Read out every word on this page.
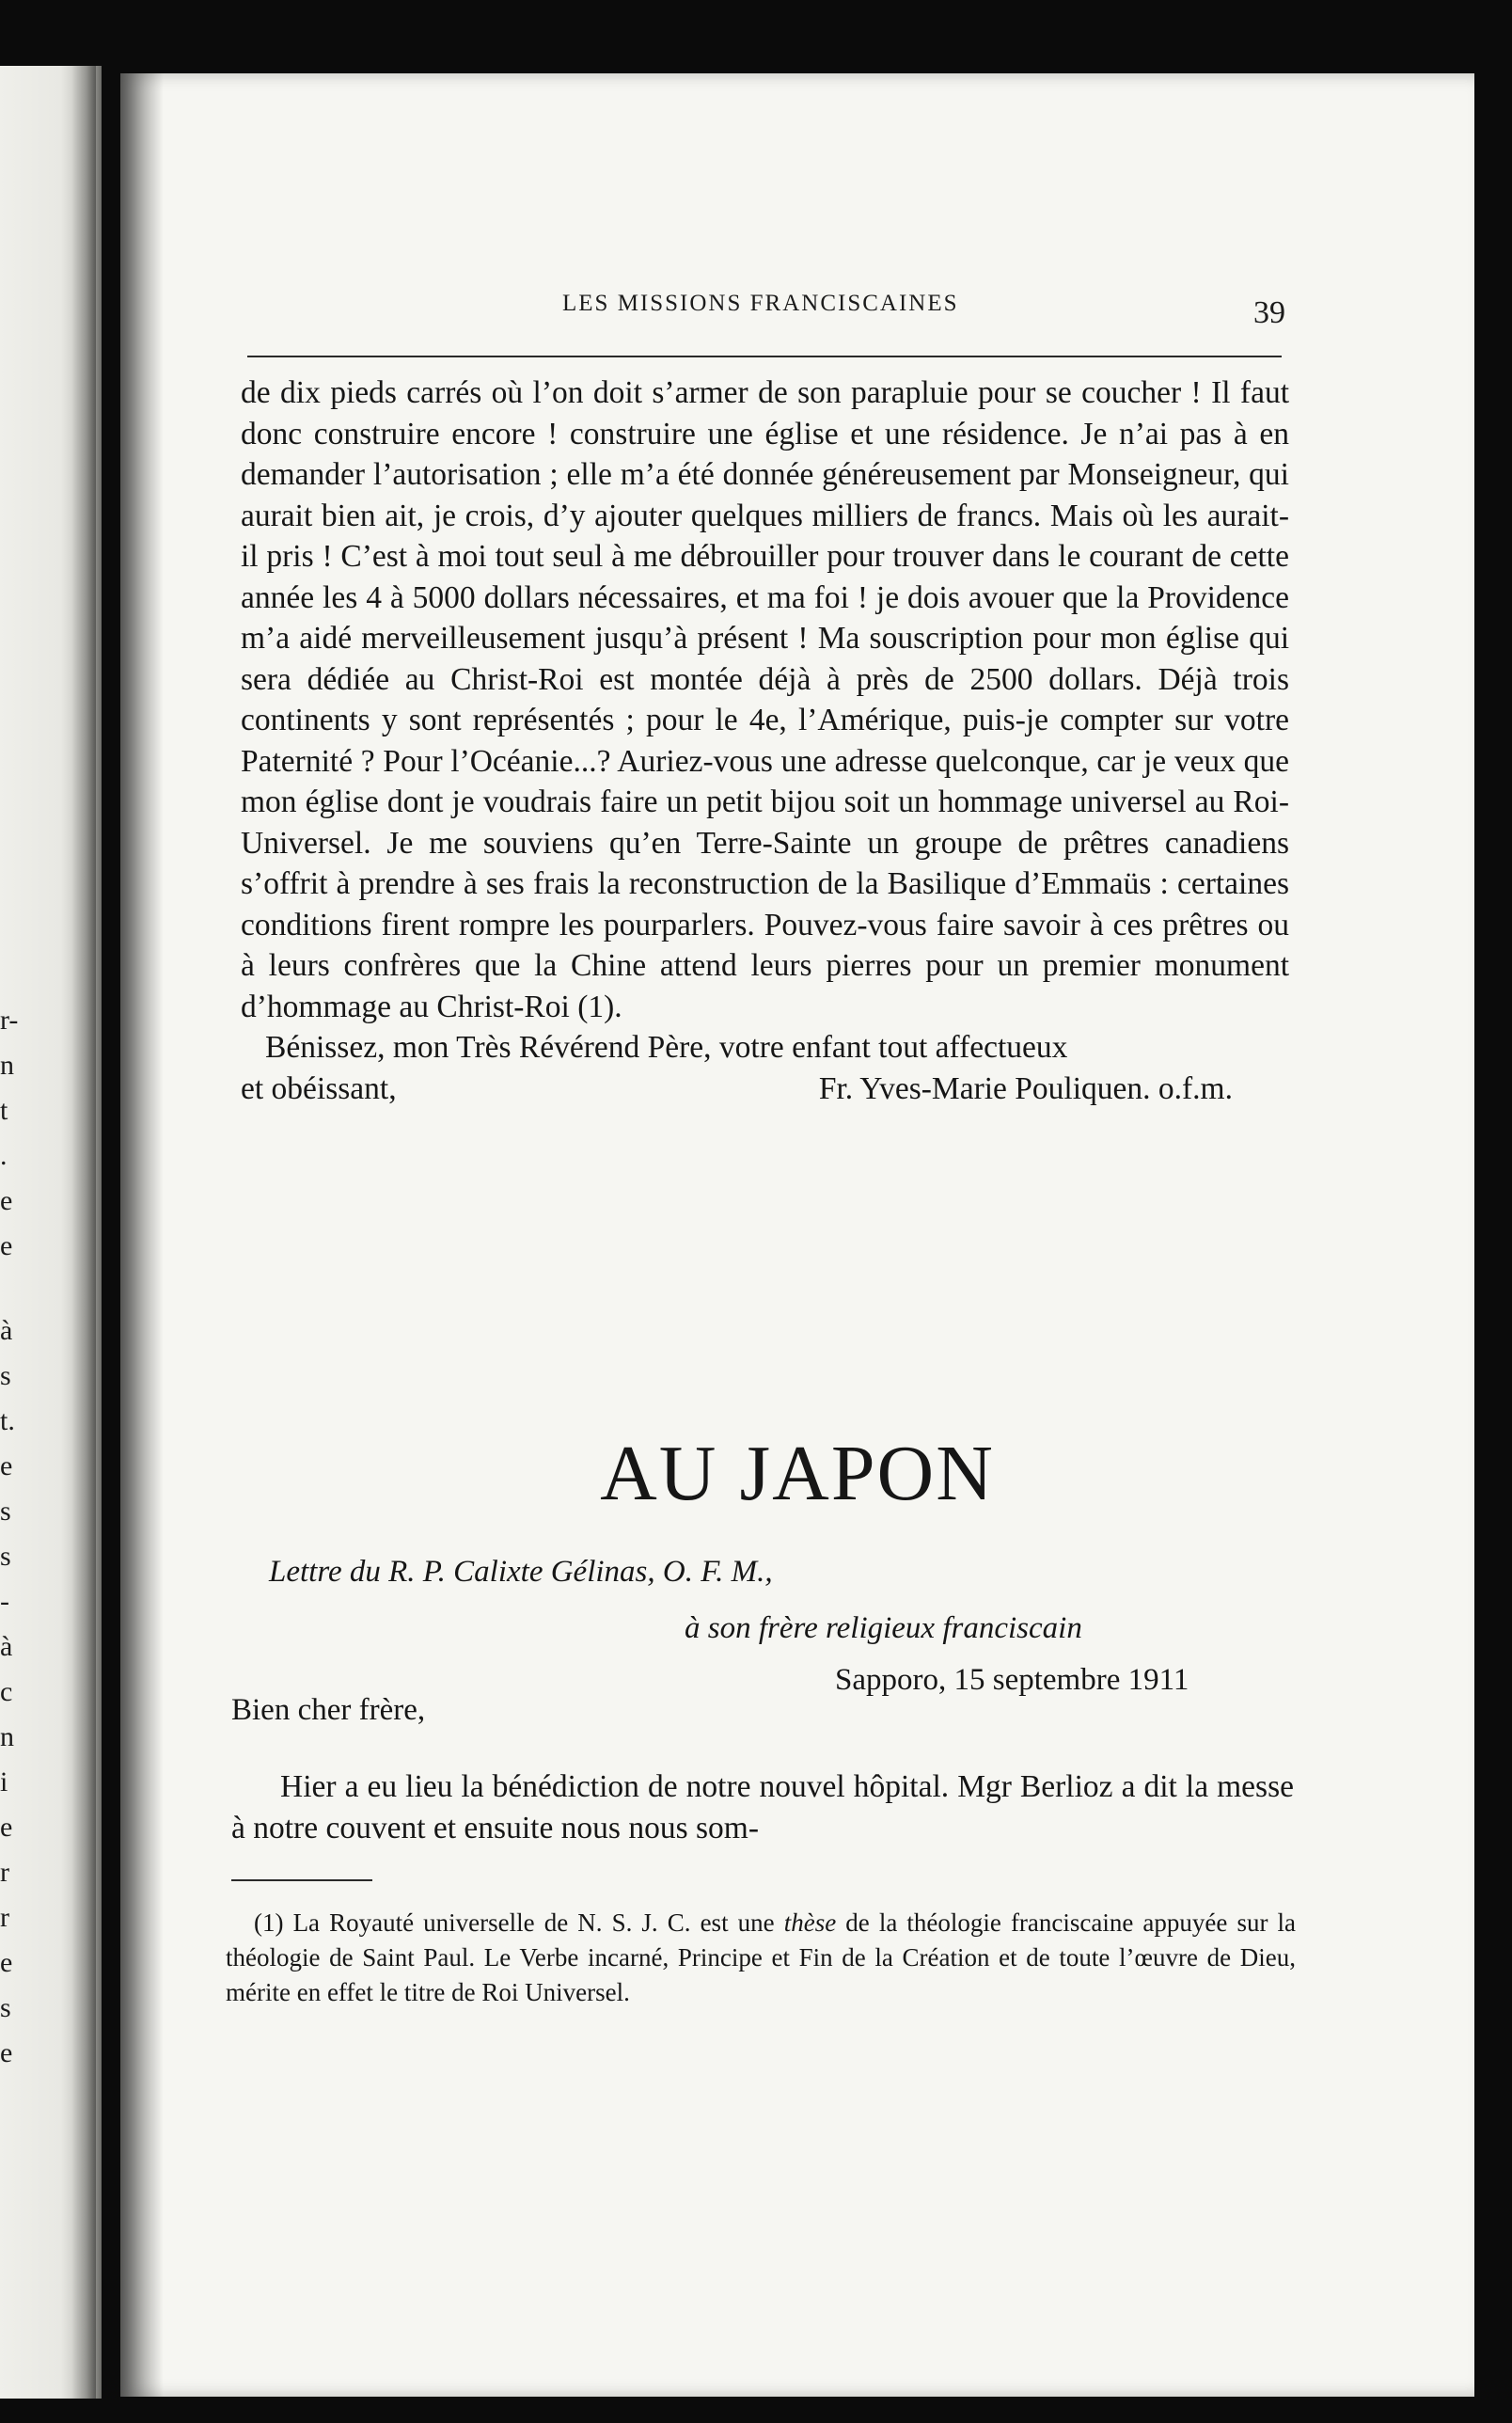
r-
n
t
.
e
e
à
s
t.
e
s
s
-
à
c
n
i
e
r
r
e
s
e
LES MISSIONS FRANCISCAINES	39

de dix pieds carrés où l’on doit s’armer de son parapluie pour se coucher ! Il faut donc construire encore ! construire une église et une résidence. Je n’ai pas à en demander l’autorisation ; elle m’a été donnée généreusement par Monseigneur, qui aurait bien ait, je crois, d’y ajouter quelques milliers de francs. Mais où les aurait-il pris ! C’est à moi tout seul à me débrouiller pour trouver dans le courant de cette année les 4 à 5000 dollars nécessaires, et ma foi ! je dois avouer que la Providence m’a aidé merveilleusement jusqu’à présent ! Ma souscription pour mon église qui sera dédiée au Christ-Roi est montée déjà à près de 2500 dollars. Déjà trois continents y sont représentés ; pour le 4e, l’Amérique, puis-je compter sur votre Paternité ? Pour l’Océanie...? Auriez-vous une adresse quelconque, car je veux que mon église dont je voudrais faire un petit bijou soit un hommage universel au Roi-Universel. Je me souviens qu’en Terre-Sainte un groupe de prêtres canadiens s’offrit à prendre à ses frais la reconstruction de la Basilique d’Emmaüs : certaines conditions firent rompre les pourparlers. Pouvez-vous faire savoir à ces prêtres ou à leurs confrères que la Chine attend leurs pierres pour un premier monument d’hommage au Christ-Roi (1).

Bénissez, mon Très Révérend Père, votre enfant tout affectueux

et obéissant,	Fr. Yves-Marie Pouliquen. o.f.m.
AU JAPON
Lettre du R. P. Calixte Gélinas, O. F. M.,
à son frère religieux franciscain
Sapporo, 15 septembre 1911
Bien cher frère,

Hier a eu lieu la bénédiction de notre nouvel hôpital. Mgr Berlioz a dit la messe à notre couvent et ensuite nous nous som-

(1) La Royauté universelle de N. S. J. C. est une thèse de la théologie franciscaine appuyée sur la théologie de Saint Paul. Le Verbe incarné, Principe et Fin de la Création et de toute l’œuvre de Dieu, mérite en effet le titre de Roi Universel.
